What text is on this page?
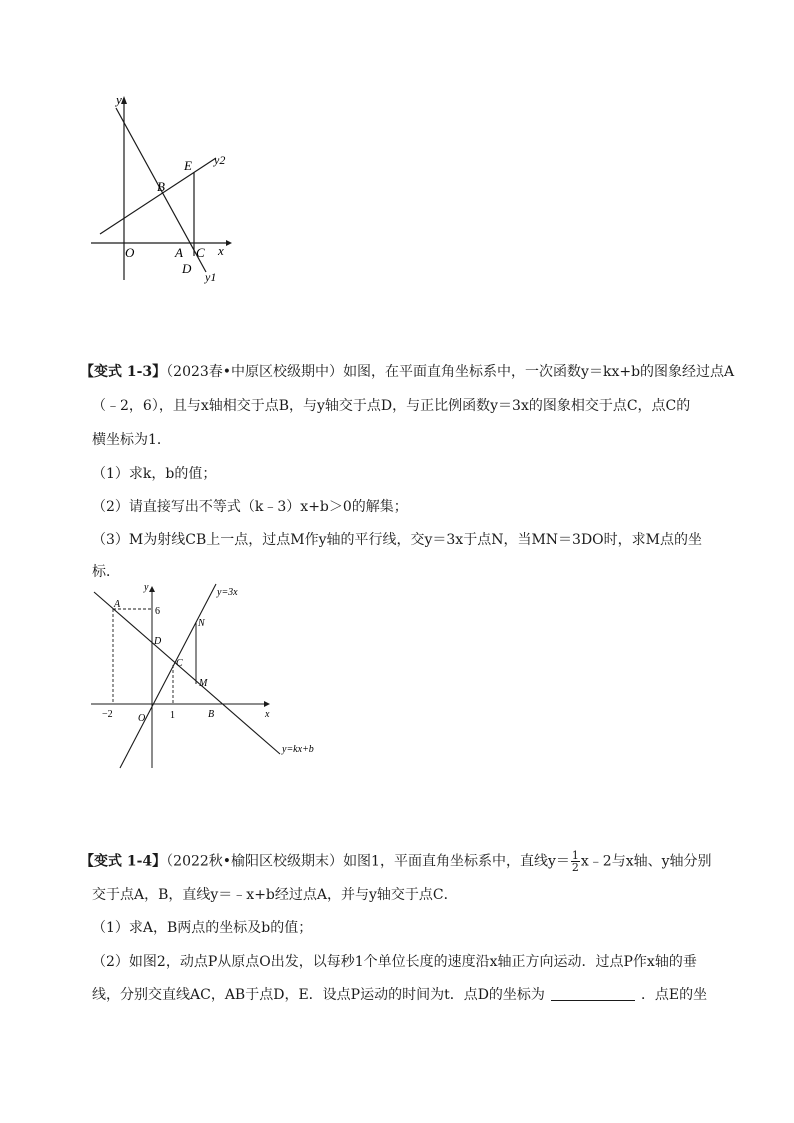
y
x
O	A
B
C
D
E y2
y1
【变式 1-3】（2023春•中原区校级期中）如图，在平面直角坐标系中，一次函数y＝kx+b的图象经过点A
（﹣2，6），且与x轴相交于点B，与y轴交于点D，与正比例函数y＝3x的图象相交于点C，点C的
横坐标为1．
（1）求k，b的值；
（2）请直接写出不等式（k﹣3）x+b＞0的解集；
（3）M为射线CB上一点，过点M作y轴的平行线，交y＝3x于点N，当MN＝3DO时，求M点的坐
标．
y
x
y=3x
y=kx+b
A
6
D
C
N
M
B
O
−2	1
【变式 1-4】（2022秋•榆阳区校级期末）如图1，平面直角坐标系中，直线$y= \frac{1}{2}$ x﹣2与x轴、y轴分别
交于点A，B，直线y＝﹣x+b经过点A，并与y轴交于点C．
（1）求A，B两点的坐标及b的值；
（2）如图2，动点P从原点O出发，以每秒1个单位长度的速度沿x轴正方向运动．过点P作x轴的垂
线，分别交直线AC，AB于点D，E．设点P运动的时间为t．点D的坐标为	．点E的坐
